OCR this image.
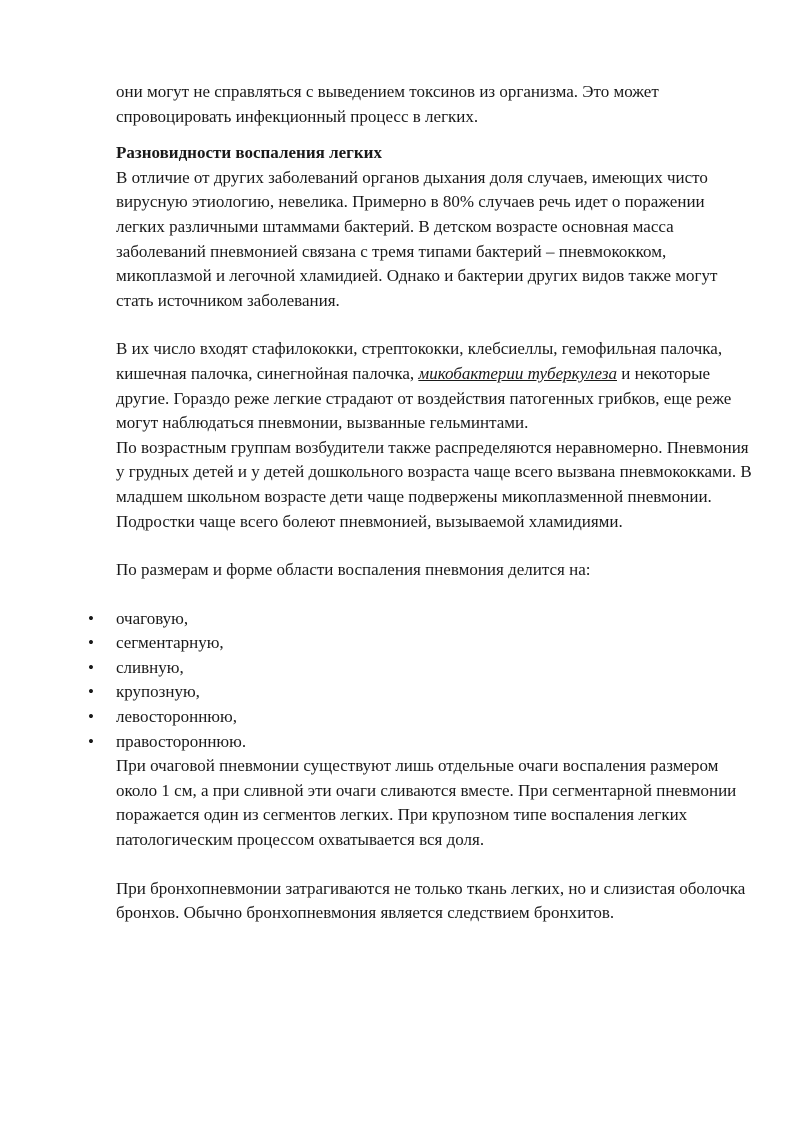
они могут не справляться с выведением токсинов из организма. Это может спровоцировать инфекционный процесс в легких.

Разновидности воспаления легких

В отличие от других заболеваний органов дыхания доля случаев, имеющих чисто вирусную этиологию, невелика. Примерно в 80% случаев речь идет о поражении легких различными штаммами бактерий. В детском возрасте основная масса заболеваний пневмонией связана с тремя типами бактерий – пневмококком, микоплазмой и легочной хламидией. Однако и бактерии других видов также могут стать источником заболевания.

В их число входят стафилококки, стрептококки, клебсиеллы, гемофильная палочка, кишечная палочка, синегнойная палочка, микобактерии туберкулеза и некоторые другие. Гораздо реже легкие страдают от воздействия патогенных грибков, еще реже могут наблюдаться пневмонии, вызванные гельминтами.

По возрастным группам возбудители также распределяются неравномерно. Пневмония у грудных детей и у детей дошкольного возраста чаще всего вызвана пневмококками. В младшем школьном возрасте дети чаще подвержены микоплазменной пневмонии. Подростки чаще всего болеют пневмонией, вызываемой хламидиями.

По размерам и форме области воспаления пневмония делится на:

• очаговую,
• сегментарную,
• сливную,
• крупозную,
• левостороннюю,
• правостороннюю.

При очаговой пневмонии существуют лишь отдельные очаги воспаления размером около 1 см, а при сливной эти очаги сливаются вместе. При сегментарной пневмонии поражается один из сегментов легких. При крупозном типе воспаления легких патологическим процессом охватывается вся доля.

При бронхопневмонии затрагиваются не только ткань легких, но и слизистая оболочка бронхов. Обычно бронхопневмония является следствием бронхитов.
